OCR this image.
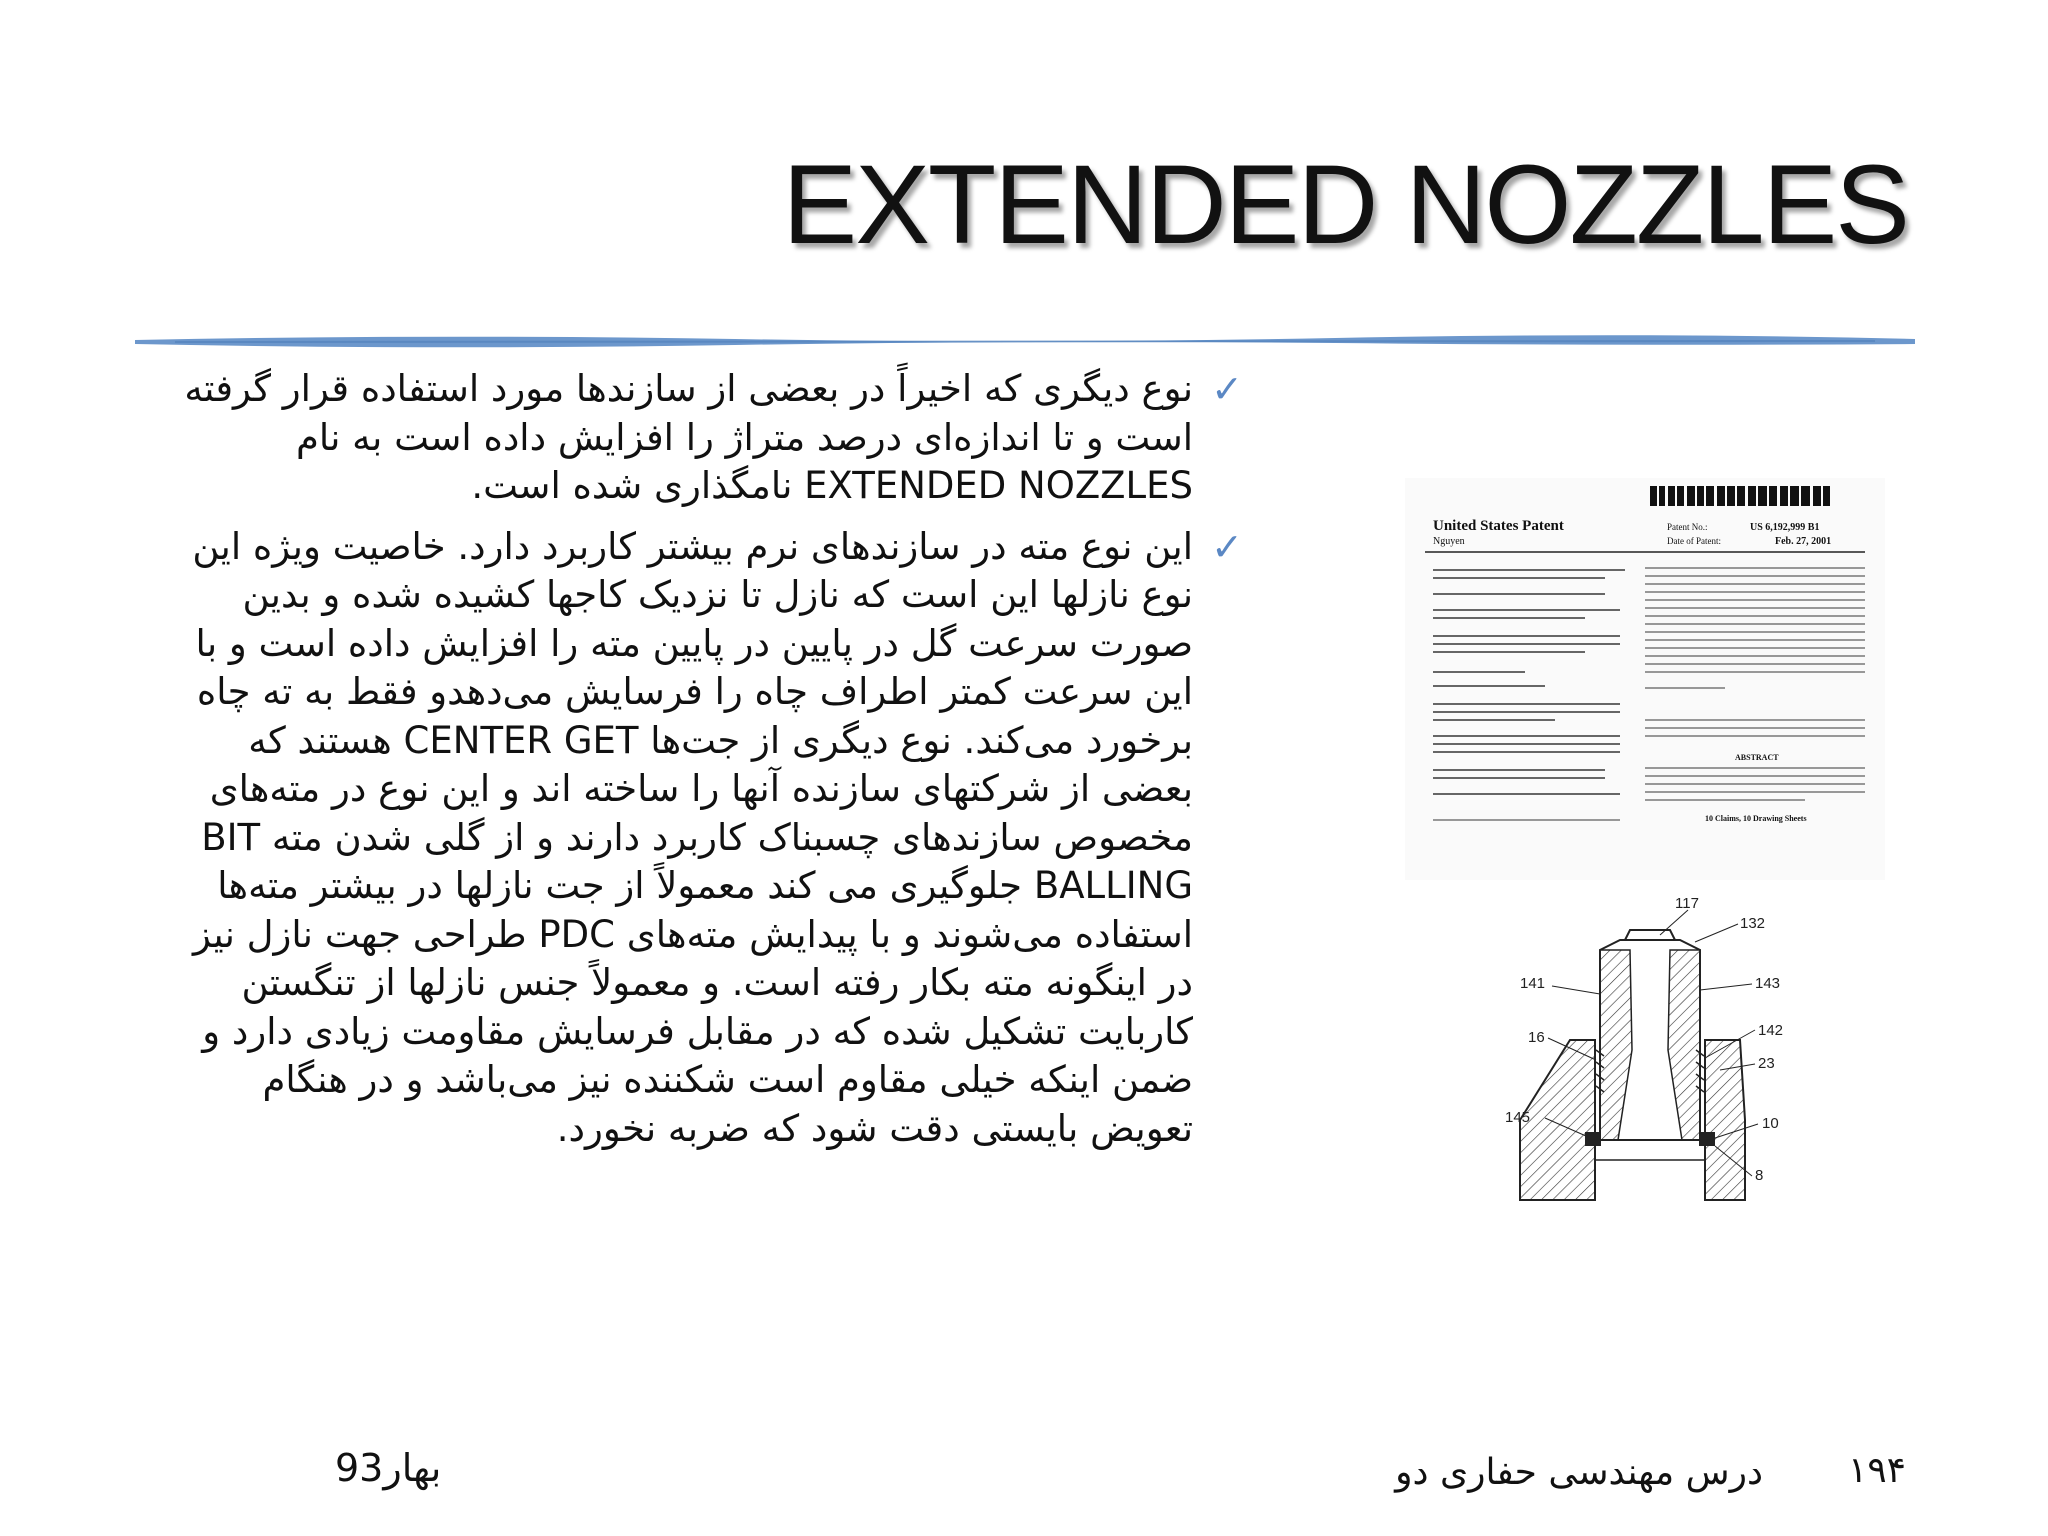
EXTENDED NOZZLES

✓
نوع دیگری که اخیراً در بعضی از سازندها مورد استفاده قرار گرفته است و تا اندازه‌ای درصد متراژ را افزایش داده است به نام EXTENDED NOZZLES نامگذاری شده است.

✓
این نوع مته در سازندهای نرم بیشتر کاربرد دارد. خاصیت ویژه این نوع نازلها این است که نازل تا نزدیک کاجها کشیده شده و بدین صورت سرعت گل در پایین در پایین مته را افزایش داده است و با این سرعت کمتر اطراف چاه را فرسایش می‌دهدو فقط به ته چاه برخورد می‌کند. نوع دیگری از جت‌ها CENTER GET هستند که بعضی از شرکتهای سازنده آنها را ساخته اند و این نوع در مته‌های مخصوص سازندهای چسبناک کاربرد دارند و از گلی شدن مته BIT BALLING جلوگیری می کند معمولاً از جت نازلها در بیشتر مته‌ها استفاده می‌شوند و با پیدایش مته‌های PDC طراحی جهت نازل نیز در اینگونه مته بکار رفته است. و معمولاً جنس نازلها از تنگستن کاربایت تشکیل شده که در مقابل فرسایش مقاومت زیادی دارد و ضمن اینکه خیلی مقاوم است شکننده نیز می‌باشد و در هنگام تعویض بایستی دقت شود که ضربه نخورد.

United States Patent
Nguyen
Patent No.:	US 6,192,999 B1
Date of Patent:	Feb. 27, 2001
ABSTRACT
10 Claims, 10 Drawing Sheets
117
132
141	143
16	142
23
145	10
8
درس مهندسی حفاری دو ۱۹۴
بهار93
